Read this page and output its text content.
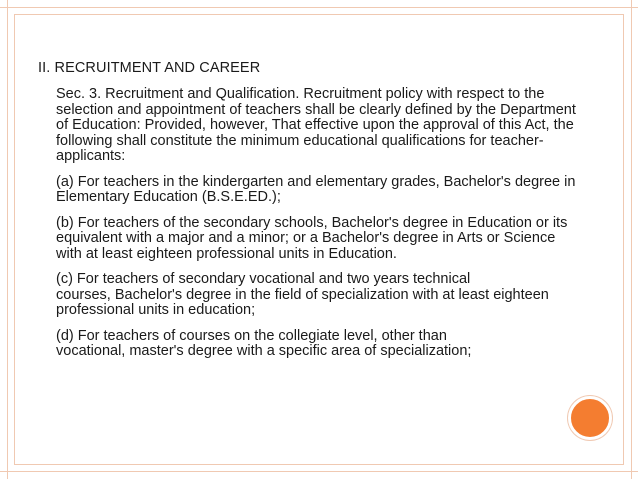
II. RECRUITMENT AND CAREER
Sec. 3. Recruitment and Qualification. Recruitment policy with respect to the
selection and appointment of teachers shall be clearly defined by the Department
of Education: Provided, however, That effective upon the approval of this Act, the
following shall constitute the minimum educational qualifications for teacher-
applicants:
(a) For teachers in the kindergarten and elementary grades, Bachelor's degree in
Elementary Education (B.S.E.ED.);
(b) For teachers of the secondary schools, Bachelor's degree in Education or its
equivalent with a major and a minor; or a Bachelor's degree in Arts or Science
with at least eighteen professional units in Education.
(c) For teachers of secondary vocational and two years technical
courses, Bachelor's degree in the field of specialization with at least eighteen
professional units in education;
(d) For teachers of courses on the collegiate level, other than
vocational, master's degree with a specific area of specialization;
